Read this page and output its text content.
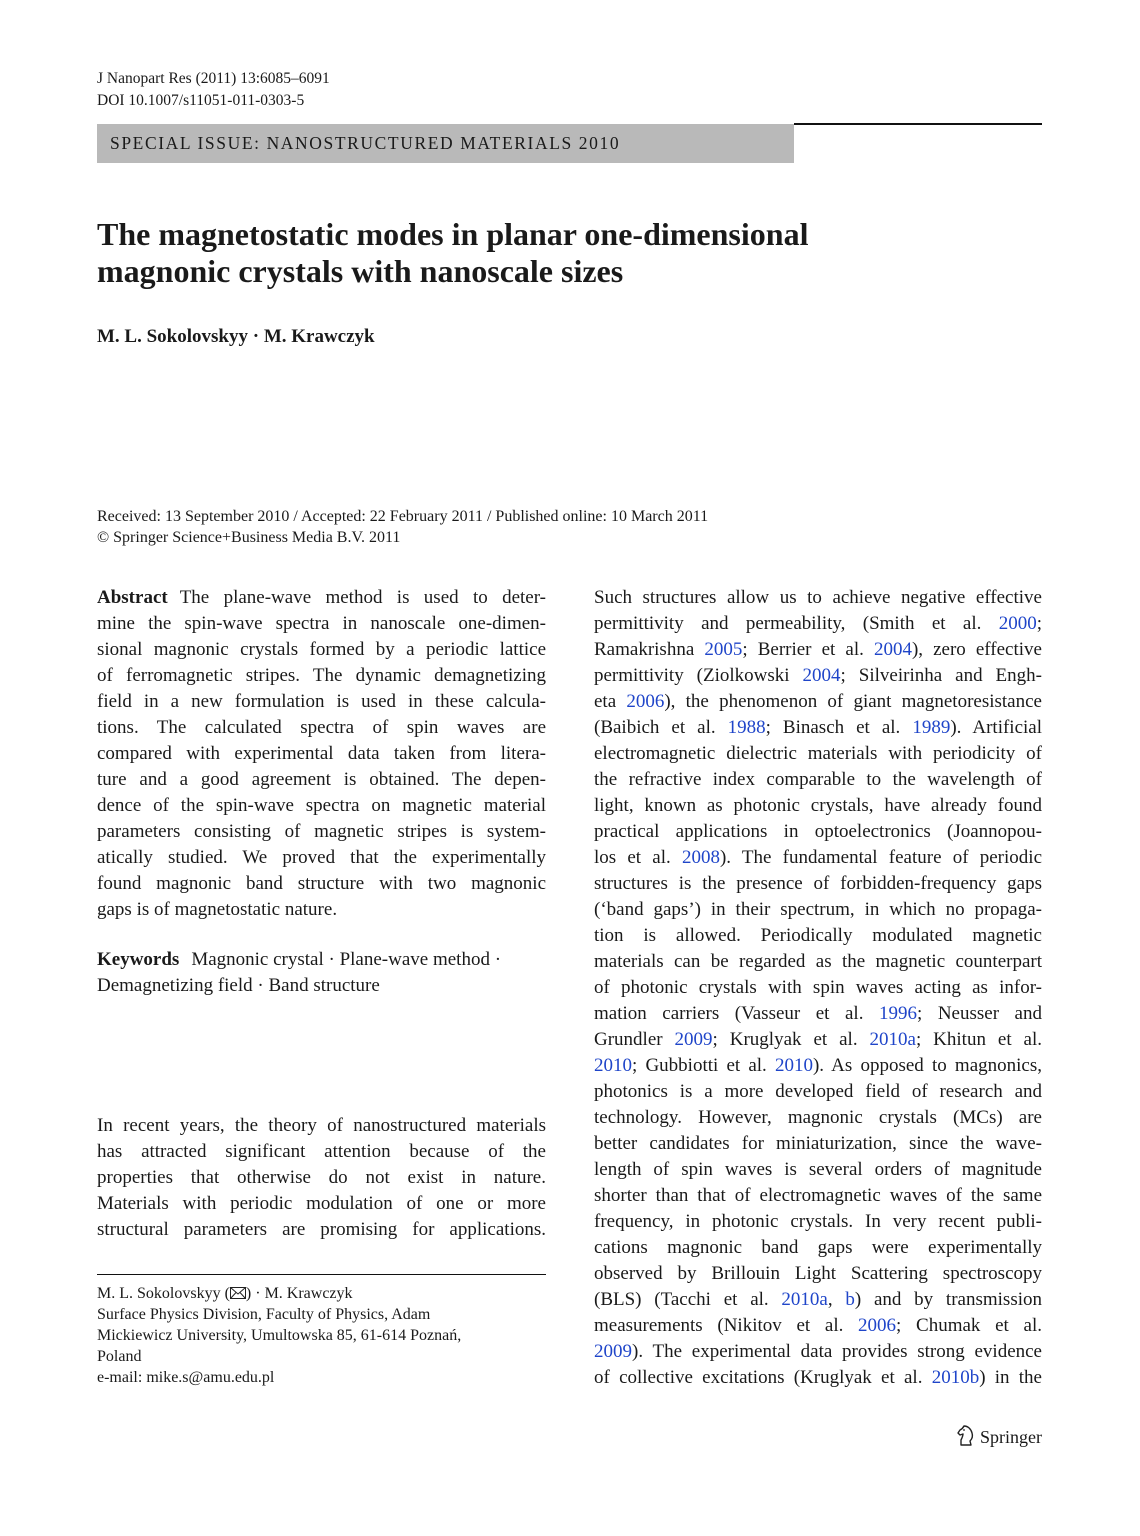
J Nanopart Res (2011) 13:6085–6091
DOI 10.1007/s11051-011-0303-5
SPECIAL ISSUE: NANOSTRUCTURED MATERIALS 2010
The magnetostatic modes in planar one-dimensional
magnonic crystals with nanoscale sizes
M. L. Sokolovskyy · M. Krawczyk
Received: 13 September 2010 / Accepted: 22 February 2011 / Published online: 10 March 2011
© Springer Science+Business Media B.V. 2011
Abstract The plane-wave method is used to deter-
mine the spin-wave spectra in nanoscale one-dimen-
sional magnonic crystals formed by a periodic lattice
of ferromagnetic stripes. The dynamic demagnetizing
field in a new formulation is used in these calcula-
tions. The calculated spectra of spin waves are
compared with experimental data taken from litera-
ture and a good agreement is obtained. The depen-
dence of the spin-wave spectra on magnetic material
parameters consisting of magnetic stripes is system-
atically studied. We proved that the experimentally
found magnonic band structure with two magnonic
gaps is of magnetostatic nature.
Keywords Magnonic crystal · Plane-wave method ·
Demagnetizing field · Band structure
In recent years, the theory of nanostructured materials
has attracted significant attention because of the
properties that otherwise do not exist in nature.
Materials with periodic modulation of one or more
structural parameters are promising for applications.
Such structures allow us to achieve negative effective
permittivity and permeability, (Smith et al. 2000;
Ramakrishna 2005; Berrier et al. 2004), zero effective
permittivity (Ziolkowski 2004; Silveirinha and Engh-
eta 2006), the phenomenon of giant magnetoresistance
(Baibich et al. 1988; Binasch et al. 1989). Artificial
electromagnetic dielectric materials with periodicity of
the refractive index comparable to the wavelength of
light, known as photonic crystals, have already found
practical applications in optoelectronics (Joannopou-
los et al. 2008). The fundamental feature of periodic
structures is the presence of forbidden-frequency gaps
(‘band gaps’) in their spectrum, in which no propaga-
tion is allowed. Periodically modulated magnetic
materials can be regarded as the magnetic counterpart
of photonic crystals with spin waves acting as infor-
mation carriers (Vasseur et al. 1996; Neusser and
Grundler 2009; Kruglyak et al. 2010a; Khitun et al.
2010; Gubbiotti et al. 2010). As opposed to magnonics,
photonics is a more developed field of research and
technology. However, magnonic crystals (MCs) are
better candidates for miniaturization, since the wave-
length of spin waves is several orders of magnitude
shorter than that of electromagnetic waves of the same
frequency, in photonic crystals. In very recent publi-
cations magnonic band gaps were experimentally
observed by Brillouin Light Scattering spectroscopy
(BLS) (Tacchi et al. 2010a, b) and by transmission
measurements (Nikitov et al. 2006; Chumak et al.
2009). The experimental data provides strong evidence
of collective excitations (Kruglyak et al. 2010b) in the
M. L. Sokolovskyy ( ) · M. Krawczyk
Surface Physics Division, Faculty of Physics, Adam
Mickiewicz University, Umultowska 85, 61-614 Poznań,
Poland
e-mail: mike.s@amu.edu.pl
Springer
